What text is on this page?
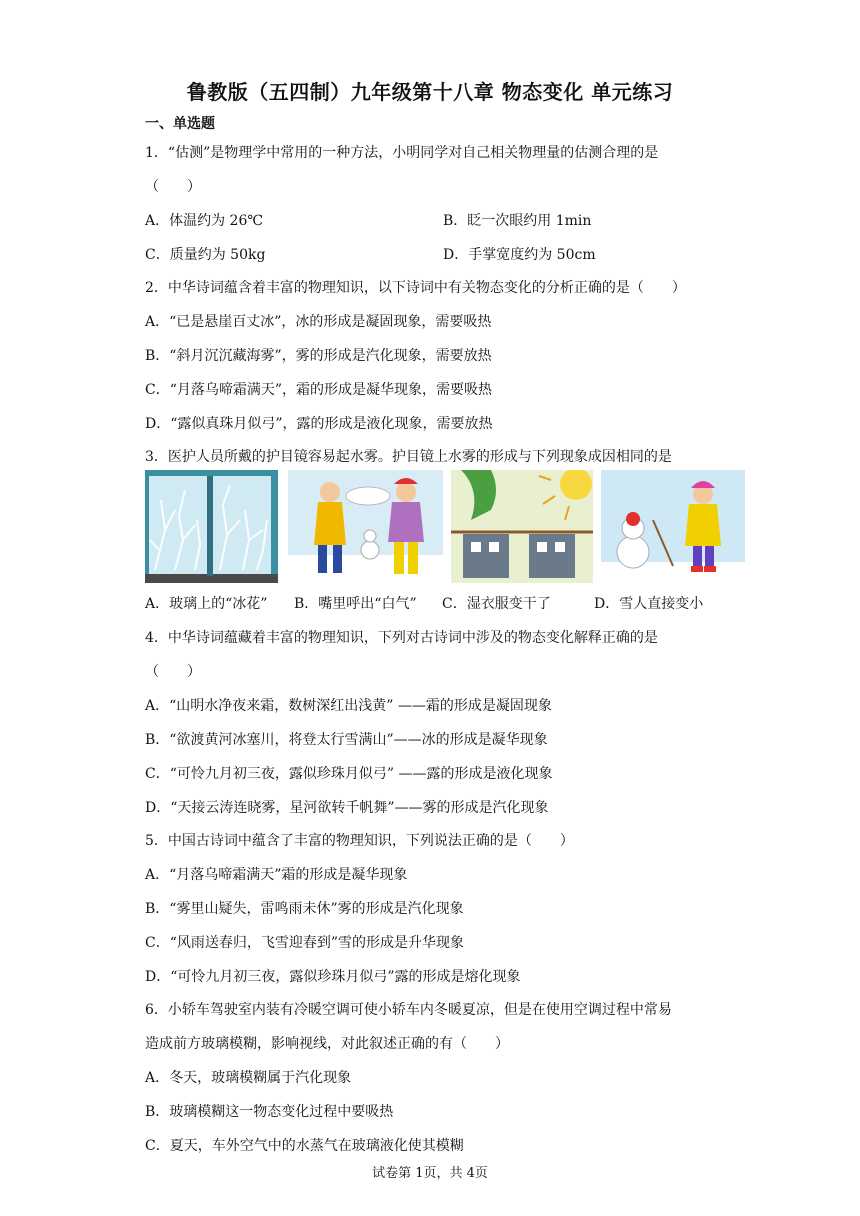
鲁教版（五四制）九年级第十八章 物态变化 单元练习
一、单选题
1．“估测”是物理学中常用的一种方法，小明同学对自己相关物理量的估测合理的是
（　　）
A．体温约为 26℃	B．眨一次眼约用 1min
C．质量约为 50kg	D．手掌宽度约为 50cm
2．中华诗词蕴含着丰富的物理知识，以下诗词中有关物态变化的分析正确的是（　　）
A．“已是悬崖百丈冰”，冰的形成是凝固现象，需要吸热
B．“斜月沉沉藏海雾”，雾的形成是汽化现象，需要放热
C．“月落乌啼霜满天”，霜的形成是凝华现象，需要吸热
D．“露似真珠月似弓”，露的形成是液化现象，需要放热
3．医护人员所戴的护目镜容易起水雾。护目镜上水雾的形成与下列现象成因相同的是
A．玻璃上的“冰花” B．嘴里呼出“白气” C．湿衣服变干了	D．雪人直接变小
4．中华诗词蕴藏着丰富的物理知识，下列对古诗词中涉及的物态变化解释正确的是
（　　）
A．“山明水净夜来霜，数树深红出浅黄” ——霜的形成是凝固现象
B．“欲渡黄河冰塞川，将登太行雪满山”——冰的形成是凝华现象
C．“可怜九月初三夜，露似珍珠月似弓” ——露的形成是液化现象
D．“天接云涛连晓雾，星河欲转千帆舞”——雾的形成是汽化现象
5．中国古诗词中蕴含了丰富的物理知识，下列说法正确的是（　　）
A．“月落乌啼霜满天”霜的形成是凝华现象
B．“雾里山疑失，雷鸣雨未休”雾的形成是汽化现象
C．“风雨送春归，飞雪迎春到”雪的形成是升华现象
D．“可怜九月初三夜，露似珍珠月似弓”露的形成是熔化现象
6．小轿车驾驶室内装有冷暖空调可使小轿车内冬暖夏凉，但是在使用空调过程中常易
造成前方玻璃模糊，影响视线，对此叙述正确的有（　　）
A．冬天，玻璃模糊属于汽化现象
B．玻璃模糊这一物态变化过程中要吸热
C．夏天，车外空气中的水蒸气在玻璃液化使其模糊
试卷第 1页，共 4页
